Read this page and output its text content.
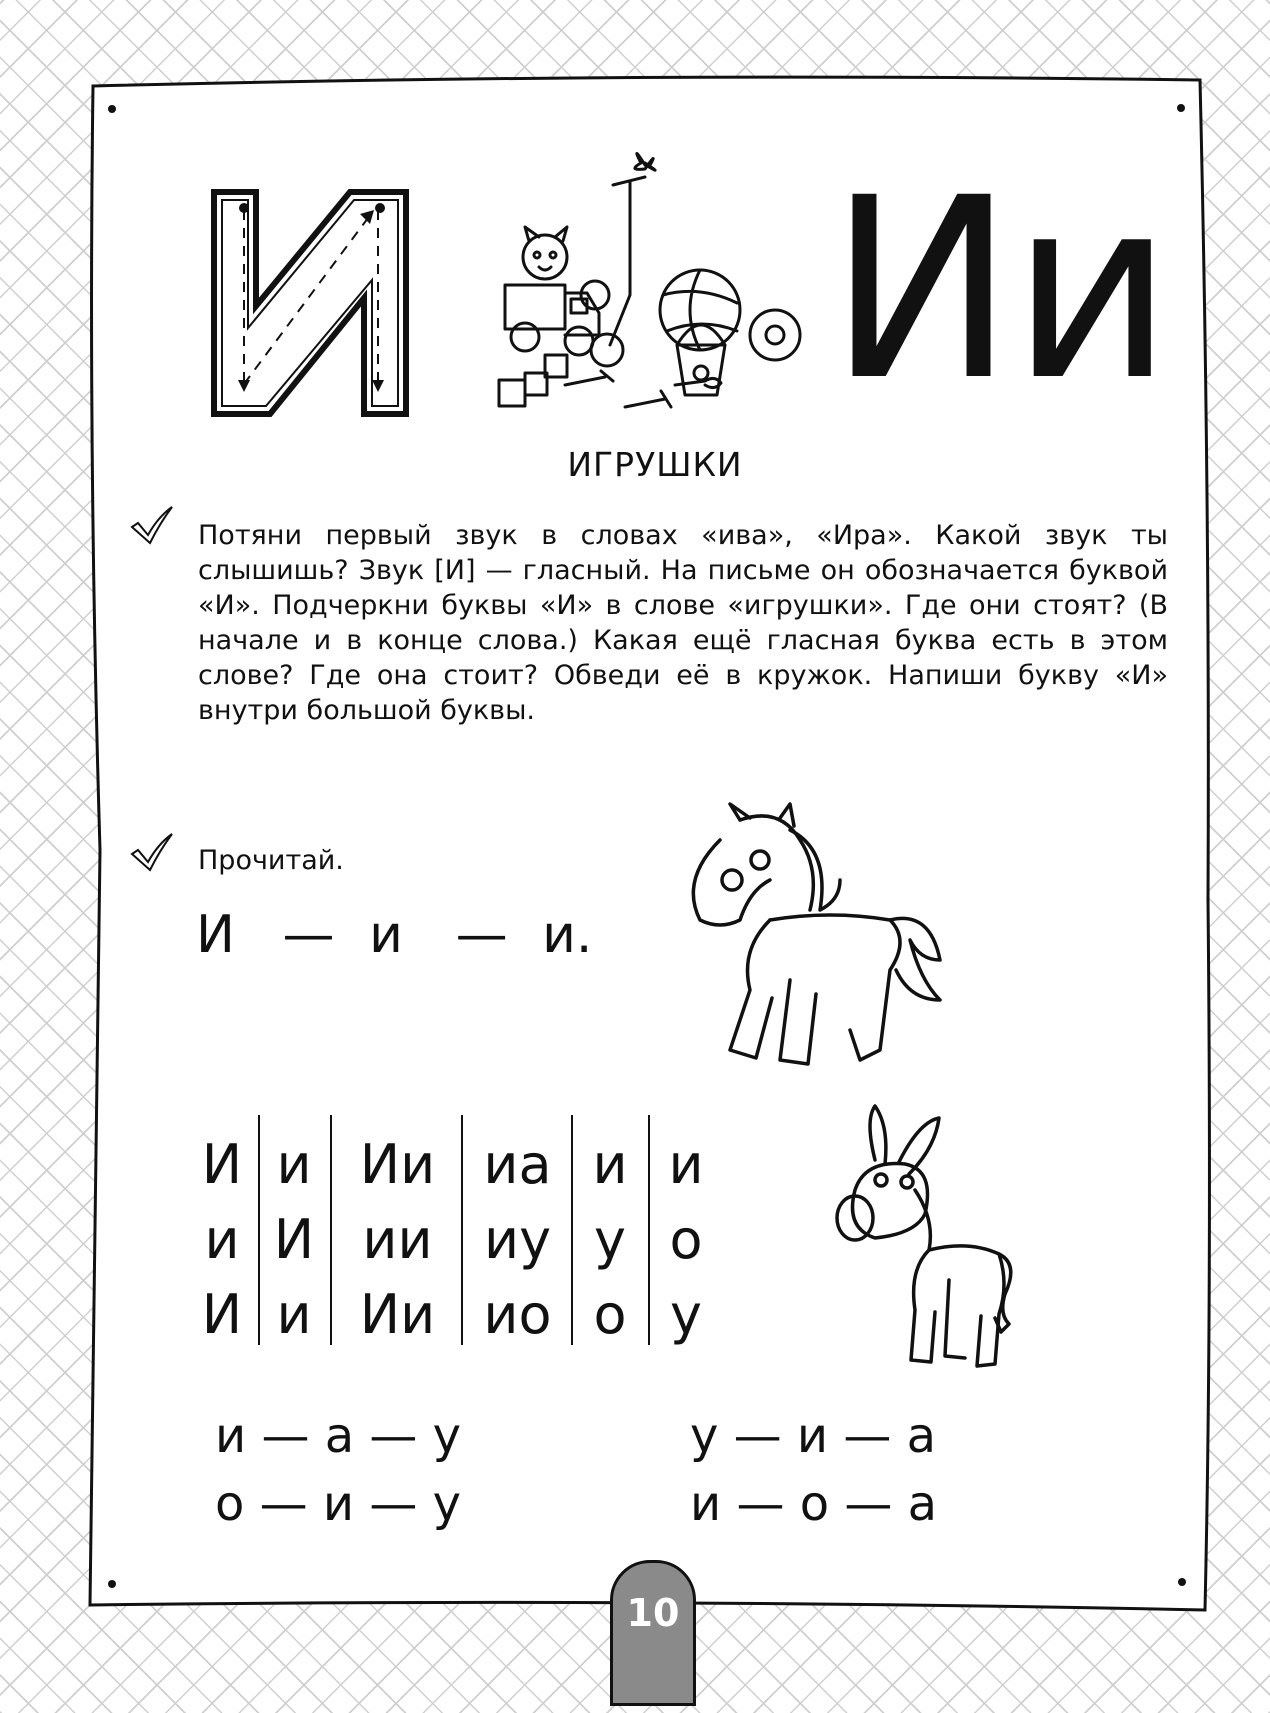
Ии
ИГРУШКИ
Потяни первый звук в словах «ива», «Ира». Какой звук ты слышишь? Звук [И] — гласный. На письме он обозначается буквой «И». Подчеркни буквы «И» в слове «игрушки». Где они стоят? (В начале и в конце слова.) Какая ещё гласная буква есть в этом слове? Где она стоит? Обведи её в кружок. Напиши букву «И» внутри большой буквы.
Прочитай.
И — и — и.
И и Ии иа и и
и И ии иу у о
И и Ии ио о у
и — а — у
о — и — у
у — и — а
и — о — а
10
